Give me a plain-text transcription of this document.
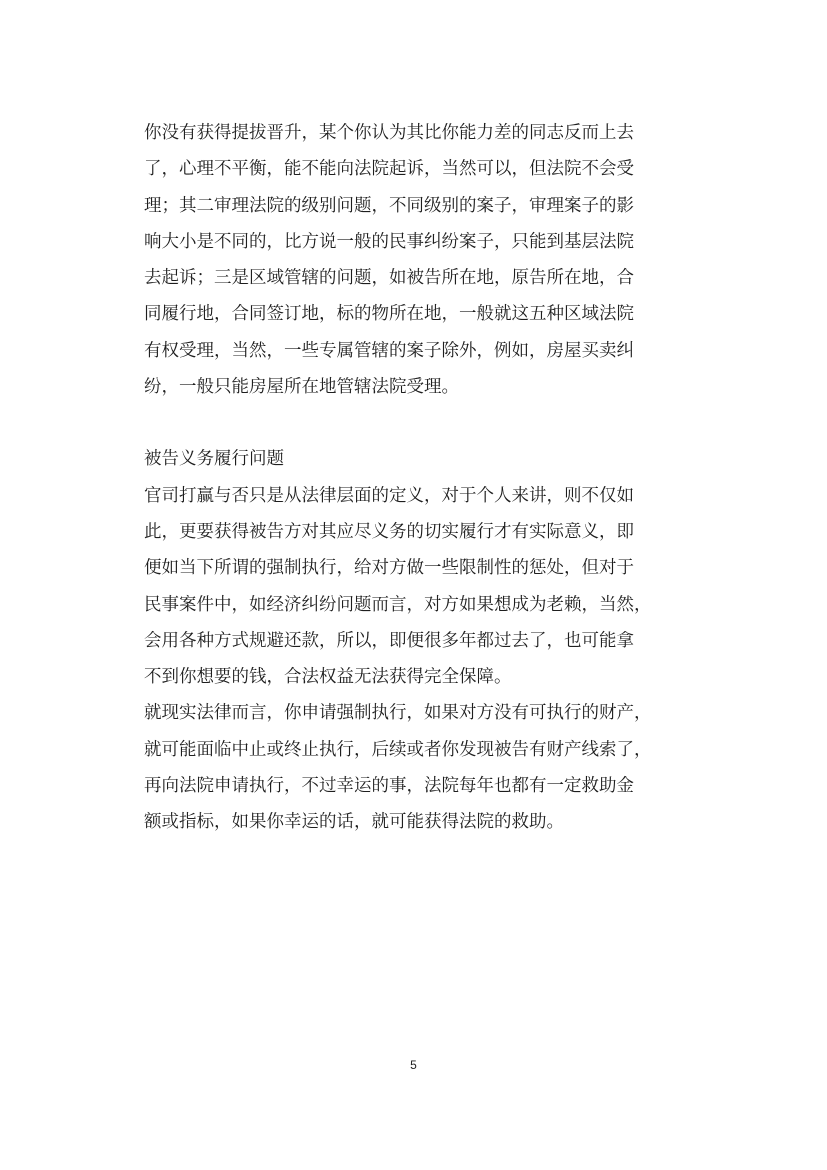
你没有获得提拔晋升，某个你认为其比你能力差的同志反而上去
了，心理不平衡，能不能向法院起诉，当然可以，但法院不会受
理；其二审理法院的级别问题，不同级别的案子，审理案子的影
响大小是不同的，比方说一般的民事纠纷案子，只能到基层法院
去起诉；三是区域管辖的问题，如被告所在地，原告所在地，合
同履行地，合同签订地，标的物所在地，一般就这五种区域法院
有权受理，当然，一些专属管辖的案子除外，例如，房屋买卖纠
纷，一般只能房屋所在地管辖法院受理。
被告义务履行问题
官司打赢与否只是从法律层面的定义，对于个人来讲，则不仅如
此，更要获得被告方对其应尽义务的切实履行才有实际意义，即
便如当下所谓的强制执行，给对方做一些限制性的惩处，但对于
民事案件中，如经济纠纷问题而言，对方如果想成为老赖，当然，
会用各种方式规避还款，所以，即便很多年都过去了，也可能拿
不到你想要的钱，合法权益无法获得完全保障。
就现实法律而言，你申请强制执行，如果对方没有可执行的财产，
就可能面临中止或终止执行，后续或者你发现被告有财产线索了，
再向法院申请执行，不过幸运的事，法院每年也都有一定救助金
额或指标，如果你幸运的话，就可能获得法院的救助。
5
